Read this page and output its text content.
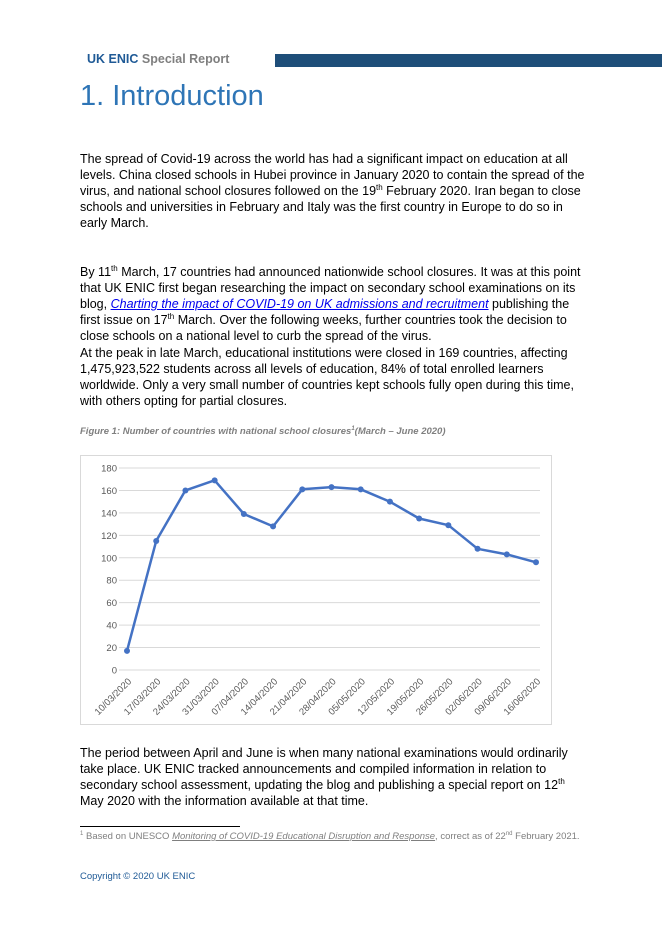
UK ENIC Special Report
1. Introduction

The spread of Covid-19 across the world has had a significant impact on education at all levels. China closed schools in Hubei province in January 2020 to contain the spread of the virus, and national school closures followed on the 19th February 2020. Iran began to close schools and universities in February and Italy was the first country in Europe to do so in early March.

By 11th March, 17 countries had announced nationwide school closures. It was at this point that UK ENIC first began researching the impact on secondary school examinations on its blog, Charting the impact of COVID-19 on UK admissions and recruitment publishing the first issue on 17th March. Over the following weeks, further countries took the decision to close schools on a national level to curb the spread of the virus.

At the peak in late March, educational institutions were closed in 169 countries, affecting 1,475,923,522 students across all levels of education, 84% of total enrolled learners worldwide. Only a very small number of countries kept schools fully open during this time, with others opting for partial closures.

Figure 1: Number of countries with national school closures$^1$(March – June 2020)
0
20
40
60
80
100
120
140
160
180
10/03/2020
17/03/2020
24/03/2020
31/03/2020
07/04/2020
14/04/2020
21/04/2020
28/04/2020
05/05/2020
12/05/2020
19/05/2020
26/05/2020
02/06/2020
09/06/2020
16/06/2020

The period between April and June is when many national examinations would ordinarily take place. UK ENIC tracked announcements and compiled information in relation to secondary school assessment, updating the blog and publishing a special report on 12th May 2020 with the information available at that time.

$^1$ Based on UNESCO Monitoring of COVID-19 Educational Disruption and Response, correct as of 22nd February 2021.

Copyright © 2020 UK ENIC
